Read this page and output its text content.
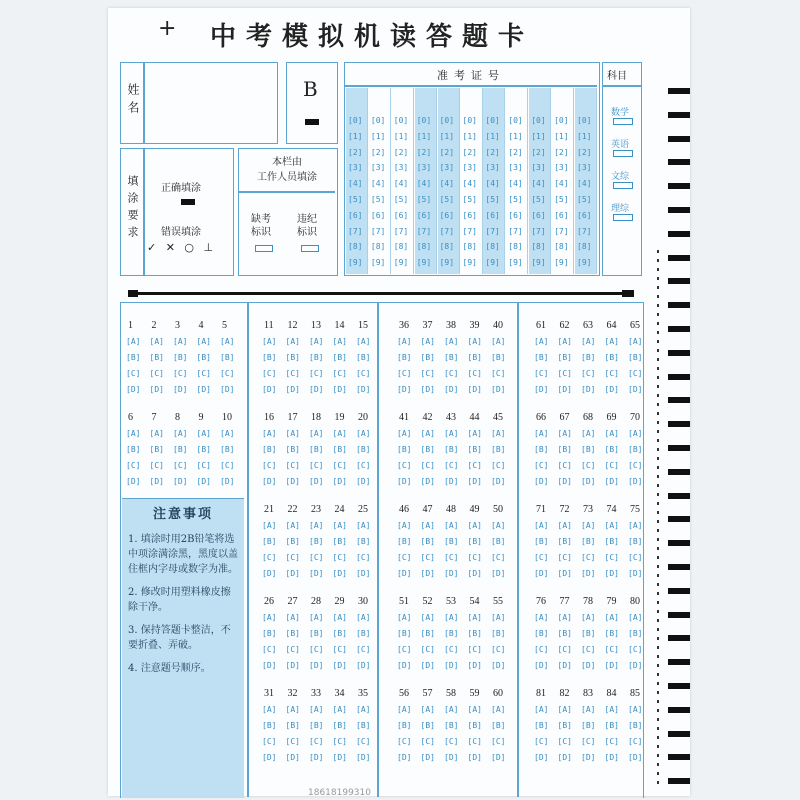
+ 中考模拟机读答题卡
姓名	B
准考证号
[0]
[1]
[2]
[3]
[4]
[5]
[6]
[7]
[8]
[9]
[0]
[1]
[2]
[3]
[4]
[5]
[6]
[7]
[8]
[9]
[0]
[1]
[2]
[3]
[4]
[5]
[6]
[7]
[8]
[9]
[0]
[1]
[2]
[3]
[4]
[5]
[6]
[7]
[8]
[9]
[0]
[1]
[2]
[3]
[4]
[5]
[6]
[7]
[8]
[9]
[0]
[1]
[2]
[3]
[4]
[5]
[6]
[7]
[8]
[9]
[0]
[1]
[2]
[3]
[4]
[5]
[6]
[7]
[8]
[9]
[0]
[1]
[2]
[3]
[4]
[5]
[6]
[7]
[8]
[9]
[0]
[1]
[2]
[3]
[4]
[5]
[6]
[7]
[8]
[9]
[0]
[1]
[2]
[3]
[4]
[5]
[6]
[7]
[8]
[9]
[0]
[1]
[2]
[3]
[4]
[5]
[6]
[7]
[8]
[9]
科目
数学
英语
文综
理综
填涂要求 正确填涂
错误填涂
✓ ✕ ○ ⊥
本栏由
工作人员填涂
缺考
标识
违纪
标识
1
[A]
[B]
[C]
[D]
2
[A]
[B]
[C]
[D]
3
[A]
[B]
[C]
[D]
4
[A]
[B]
[C]
[D]
5
[A]
[B]
[C]
[D]
6
[A]
[B]
[C]
[D]
7
[A]
[B]
[C]
[D]
8
[A]
[B]
[C]
[D]
9
[A]
[B]
[C]
[D]
10
[A]
[B]
[C]
[D]
11
[A]
[B]
[C]
[D]
12
[A]
[B]
[C]
[D]
13
[A]
[B]
[C]
[D]
14
[A]
[B]
[C]
[D]
15
[A]
[B]
[C]
[D]
16
[A]
[B]
[C]
[D]
17
[A]
[B]
[C]
[D]
18
[A]
[B]
[C]
[D]
19
[A]
[B]
[C]
[D]
20
[A]
[B]
[C]
[D]
21
[A]
[B]
[C]
[D]
22
[A]
[B]
[C]
[D]
23
[A]
[B]
[C]
[D]
24
[A]
[B]
[C]
[D]
25
[A]
[B]
[C]
[D]
26
[A]
[B]
[C]
[D]
27
[A]
[B]
[C]
[D]
28
[A]
[B]
[C]
[D]
29
[A]
[B]
[C]
[D]
30
[A]
[B]
[C]
[D]
31
[A]
[B]
[C]
[D]
32
[A]
[B]
[C]
[D]
33
[A]
[B]
[C]
[D]
34
[A]
[B]
[C]
[D]
35
[A]
[B]
[C]
[D]
36
[A]
[B]
[C]
[D]
37
[A]
[B]
[C]
[D]
38
[A]
[B]
[C]
[D]
39
[A]
[B]
[C]
[D]
40
[A]
[B]
[C]
[D]
41
[A]
[B]
[C]
[D]
42
[A]
[B]
[C]
[D]
43
[A]
[B]
[C]
[D]
44
[A]
[B]
[C]
[D]
45
[A]
[B]
[C]
[D]
46
[A]
[B]
[C]
[D]
47
[A]
[B]
[C]
[D]
48
[A]
[B]
[C]
[D]
49
[A]
[B]
[C]
[D]
50
[A]
[B]
[C]
[D]
51
[A]
[B]
[C]
[D]
52
[A]
[B]
[C]
[D]
53
[A]
[B]
[C]
[D]
54
[A]
[B]
[C]
[D]
55
[A]
[B]
[C]
[D]
56
[A]
[B]
[C]
[D]
57
[A]
[B]
[C]
[D]
58
[A]
[B]
[C]
[D]
59
[A]
[B]
[C]
[D]
60
[A]
[B]
[C]
[D]
61
[A]
[B]
[C]
[D]
62
[A]
[B]
[C]
[D]
63
[A]
[B]
[C]
[D]
64
[A]
[B]
[C]
[D]
65
[A]
[B]
[C]
[D]
66
[A]
[B]
[C]
[D]
67
[A]
[B]
[C]
[D]
68
[A]
[B]
[C]
[D]
69
[A]
[B]
[C]
[D]
70
[A]
[B]
[C]
[D]
71
[A]
[B]
[C]
[D]
72
[A]
[B]
[C]
[D]
73
[A]
[B]
[C]
[D]
74
[A]
[B]
[C]
[D]
75
[A]
[B]
[C]
[D]
76
[A]
[B]
[C]
[D]
77
[A]
[B]
[C]
[D]
78
[A]
[B]
[C]
[D]
79
[A]
[B]
[C]
[D]
80
[A]
[B]
[C]
[D]
81
[A]
[B]
[C]
[D]
82
[A]
[B]
[C]
[D]
83
[A]
[B]
[C]
[D]
84
[A]
[B]
[C]
[D]
85
[A]
[B]
[C]
[D]
注意事项

1. 填涂时用2B铅笔将选中项涂满涂黑，黑度以盖住框内字母或数字为准。

2. 修改时用塑料橡皮擦除干净。

3. 保持答题卡整洁，不要折叠、弄破。

4. 注意题号顺序。

18618199310
